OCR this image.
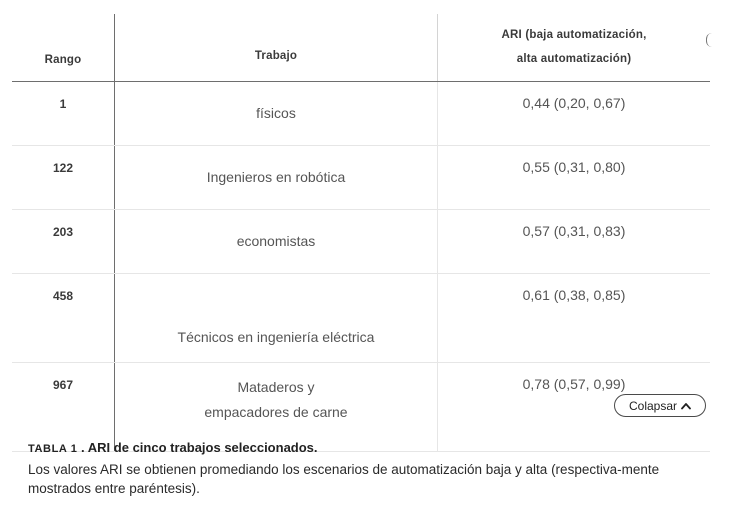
Rango	Trabajo	ARI (baja automatización,
alta automatización)

1	físicos	0,44 (0,20, 0,67)
122	Ingenieros en robótica	0,55 (0,31, 0,80)
203	economistas	0,57 (0,31, 0,83)
458	Técnicos en ingeniería eléctrica	0,61 (0,38, 0,85)
967	Mataderos y
empacadores de carne	0,78 (0,57, 0,99)
Colapsar

TABLA 1 . ARI de cinco trabajos seleccionados.

Los valores ARI se obtienen promediando los escenarios de automatización baja y alta (respectiva-mente mostrados entre paréntesis).
